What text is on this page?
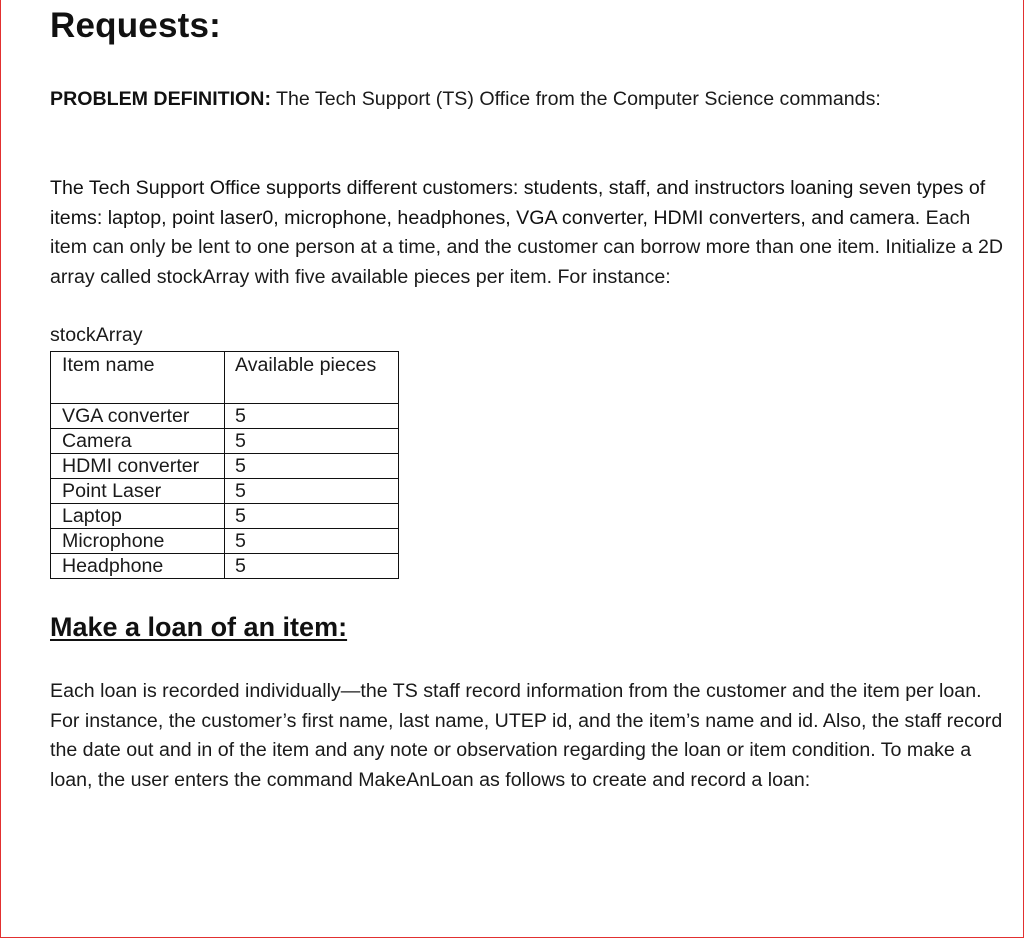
Requests:

PROBLEM DEFINITION: The Tech Support (TS) Office from the Computer Science commands:

The Tech Support Office supports different customers: students, staff, and instructors loaning seven types of items: laptop, point laser0, microphone, headphones, VGA converter, HDMI converters, and camera. Each item can only be lent to one person at a time, and the customer can borrow more than one item. Initialize a 2D array called stockArray with five available pieces per item. For instance:

stockArray

Item name	Available pieces
VGA converter	5
Camera	5
HDMI converter	5
Point Laser	5
Laptop	5
Microphone	5
Headphone	5
Make a loan of an item:

Each loan is recorded individually—the TS staff record information from the customer and the item per loan. For instance, the customer’s first name, last name, UTEP id, and the item’s name and id. Also, the staff record the date out and in of the item and any note or observation regarding the loan or item condition. To make a loan, the user enters the command MakeAnLoan as follows to create and record a loan:
